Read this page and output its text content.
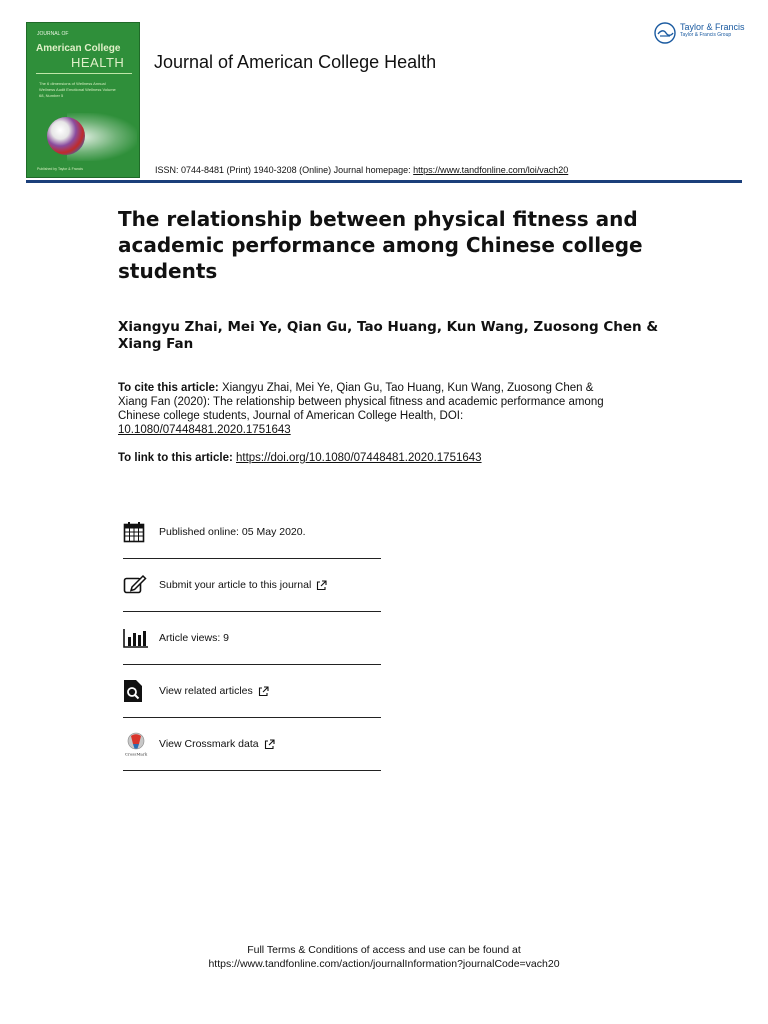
JOURNAL OF
American College
HEALTH
The 6 dimensions of Wellness Annual Wellness Audit Emotional Wellness Volume 68, Number 5
Published by Taylor & Francis
Journal of American College Health
Taylor & Francis
Taylor & Francis Group
ISSN: 0744-8481 (Print) 1940-3208 (Online) Journal homepage: https://www.tandfonline.com/loi/vach20
The relationship between physical fitness and academic performance among Chinese college students
Xiangyu Zhai, Mei Ye, Qian Gu, Tao Huang, Kun Wang, Zuosong Chen & Xiang Fan
To cite this article: Xiangyu Zhai, Mei Ye, Qian Gu, Tao Huang, Kun Wang, Zuosong Chen & Xiang Fan (2020): The relationship between physical fitness and academic performance among Chinese college students, Journal of American College Health, DOI: 10.1080/07448481.2020.1751643
To link to this article: https://doi.org/10.1080/07448481.2020.1751643
Published online: 05 May 2020.
Submit your article to this journal
Article views: 9
View related articles
CrossMark
View Crossmark data
Full Terms & Conditions of access and use can be found at
https://www.tandfonline.com/action/journalInformation?journalCode=vach20
